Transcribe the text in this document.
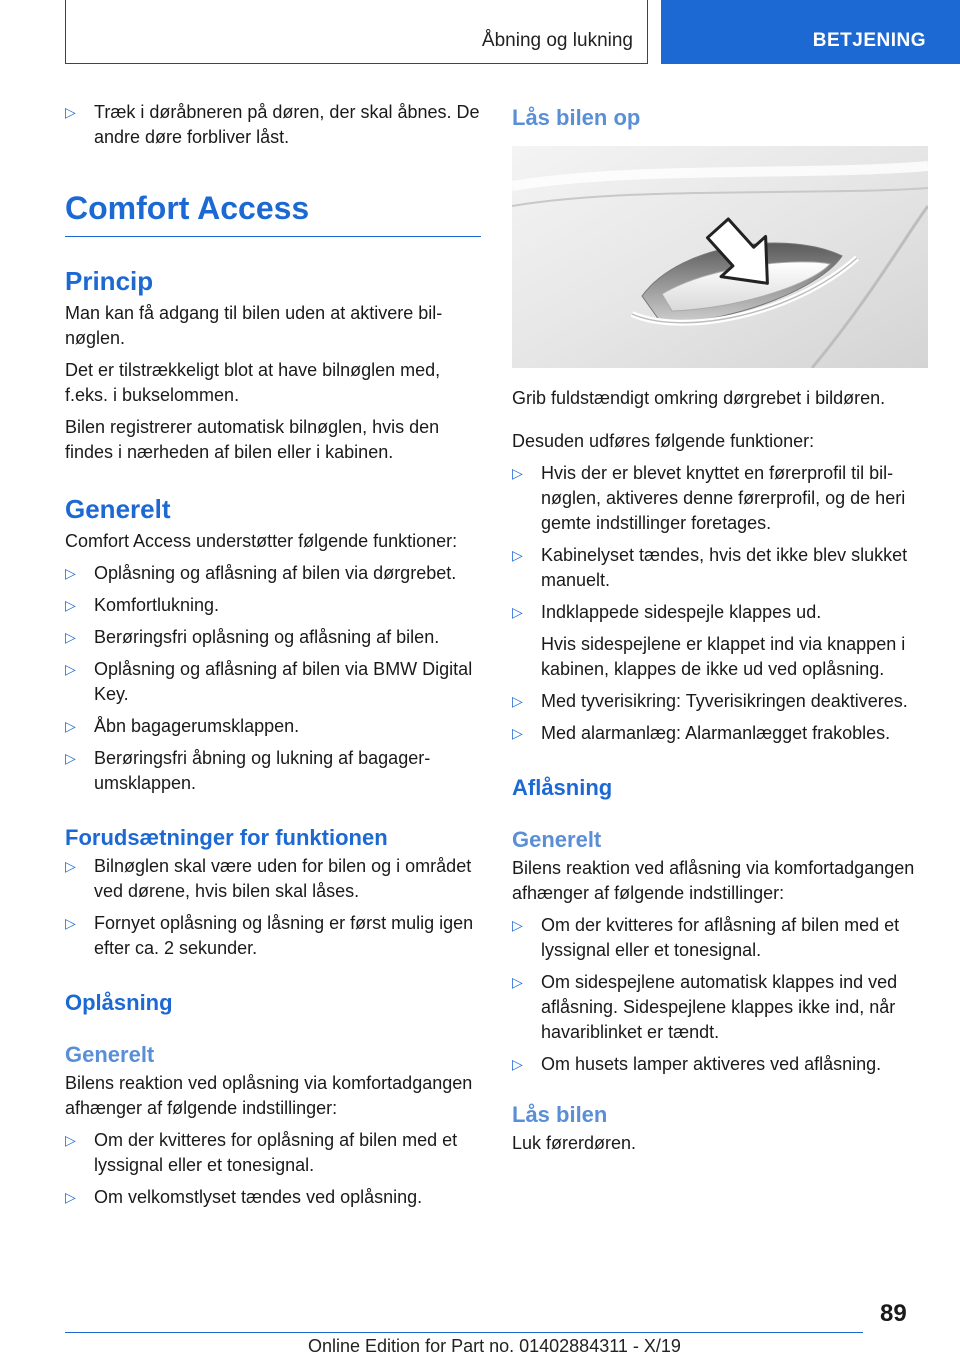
Åbning og lukning	BETJENING
▷ Træk i døråbneren på døren, der skal åbnes. De andre døre forbliver låst.
Comfort Access
Princip

Man kan få adgang til bilen uden at aktivere bilnøglen.

Det er tilstrækkeligt blot at have bilnøglen med, f.eks. i bukselommen.

Bilen registrerer automatisk bilnøglen, hvis den findes i nærheden af bilen eller i kabinen.

Generelt

Comfort Access understøtter følgende funktioner:

▷ Oplåsning og aflåsning af bilen via dørgrebet.
▷ Komfortlukning.
▷ Berøringsfri oplåsning og aflåsning af bilen.
▷ Oplåsning og aflåsning af bilen via BMW Digital Key.
▷ Åbn bagagerumsklappen.
▷ Berøringsfri åbning og lukning af bagagerumsklappen.
Forudsætninger for funktionen
▷ Bilnøglen skal være uden for bilen og i området ved dørene, hvis bilen skal låses.
▷ Fornyet oplåsning og låsning er først mulig igen efter ca. 2 sekunder.
Oplåsning
Generelt

Bilens reaktion ved oplåsning via komfortadgangen afhænger af følgende indstillinger:

▷ Om der kvitteres for oplåsning af bilen med et lyssignal eller et tonesignal.
▷ Om velkomstlyset tændes ved oplåsning.
Lås bilen op

Grib fuldstændigt omkring dørgrebet i bildøren.

Desuden udføres følgende funktioner:

▷ Hvis der er blevet knyttet en førerprofil til bilnøglen, aktiveres denne førerprofil, og de heri gemte indstillinger foretages.
▷ Kabinelyset tændes, hvis det ikke blev slukket manuelt.
▷ Indklappede sidespejle klappes ud.
Hvis sidespejlene er klappet ind via knappen i kabinen, klappes de ikke ud ved oplåsning.
▷ Med tyverisikring: Tyverisikringen deaktiveres.
▷ Med alarmanlæg: Alarmanlægget frakobles.
Aflåsning
Generelt

Bilens reaktion ved aflåsning via komfortadgangen afhænger af følgende indstillinger:

▷ Om der kvitteres for aflåsning af bilen med et lyssignal eller et tonesignal.
▷ Om sidespejlene automatisk klappes ind ved aflåsning. Sidespejlene klappes ikke ind, når havariblinket er tændt.
▷ Om husets lamper aktiveres ved aflåsning.
Lås bilen

Luk førerdøren.

89
Online Edition for Part no. 01402884311 - X/19
